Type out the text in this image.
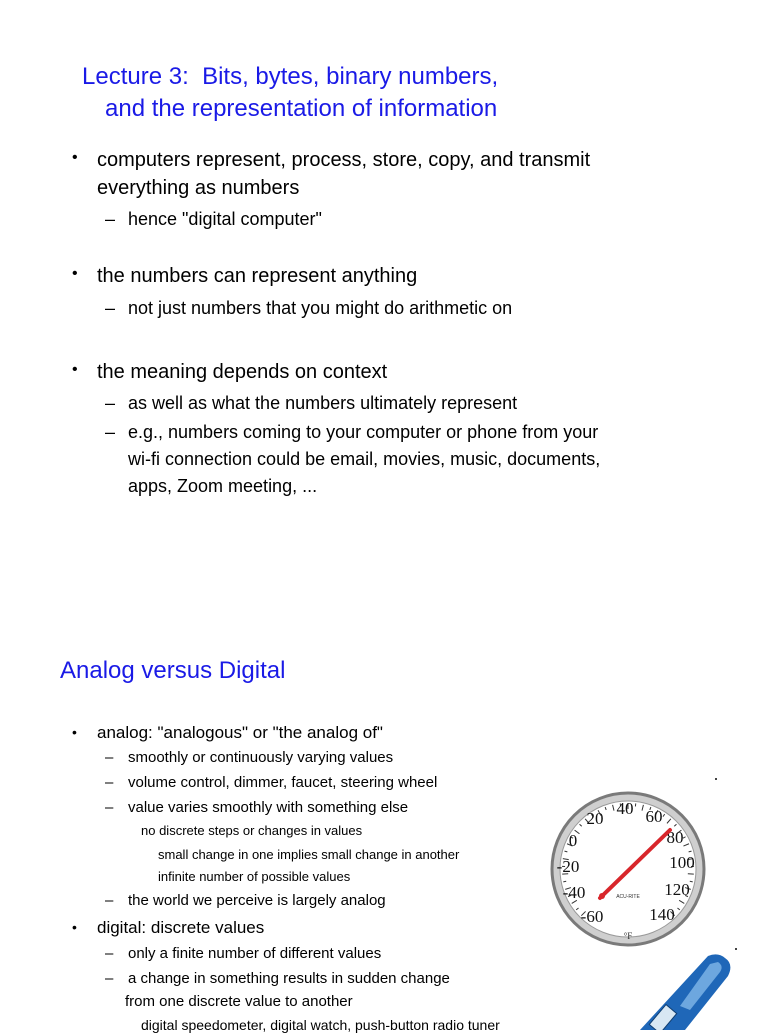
Lecture 3:  Bits, bytes, binary numbers,
and the representation of information
• computers represent, process, store, copy, and transmit
everything as numbers
– hence "digital computer"
• the numbers can represent anything
– not just numbers that you might do arithmetic on
• the meaning depends on context
– as well as what the numbers ultimately represent
– e.g., numbers coming to your computer or phone from your
wi-fi connection could be email, movies, music, documents,
apps, Zoom meeting, ...
Analog versus Digital
• analog: "analogous" or "the analog of"
– smoothly or continuously varying values
– volume control, dimmer, faucet, steering wheel
– value varies smoothly with something else
no discrete steps or changes in values
small change in one implies small change in another
infinite number of possible values
– the world we perceive is largely analog
• digital: discrete values
– only a finite number of different values
– a change in something results in sudden change
from one discrete value to another
digital speedometer, digital watch, push-button radio tuner
-60
-40
-20
0
20
40 60
80
100
120
140
ACU-RITE
°F
